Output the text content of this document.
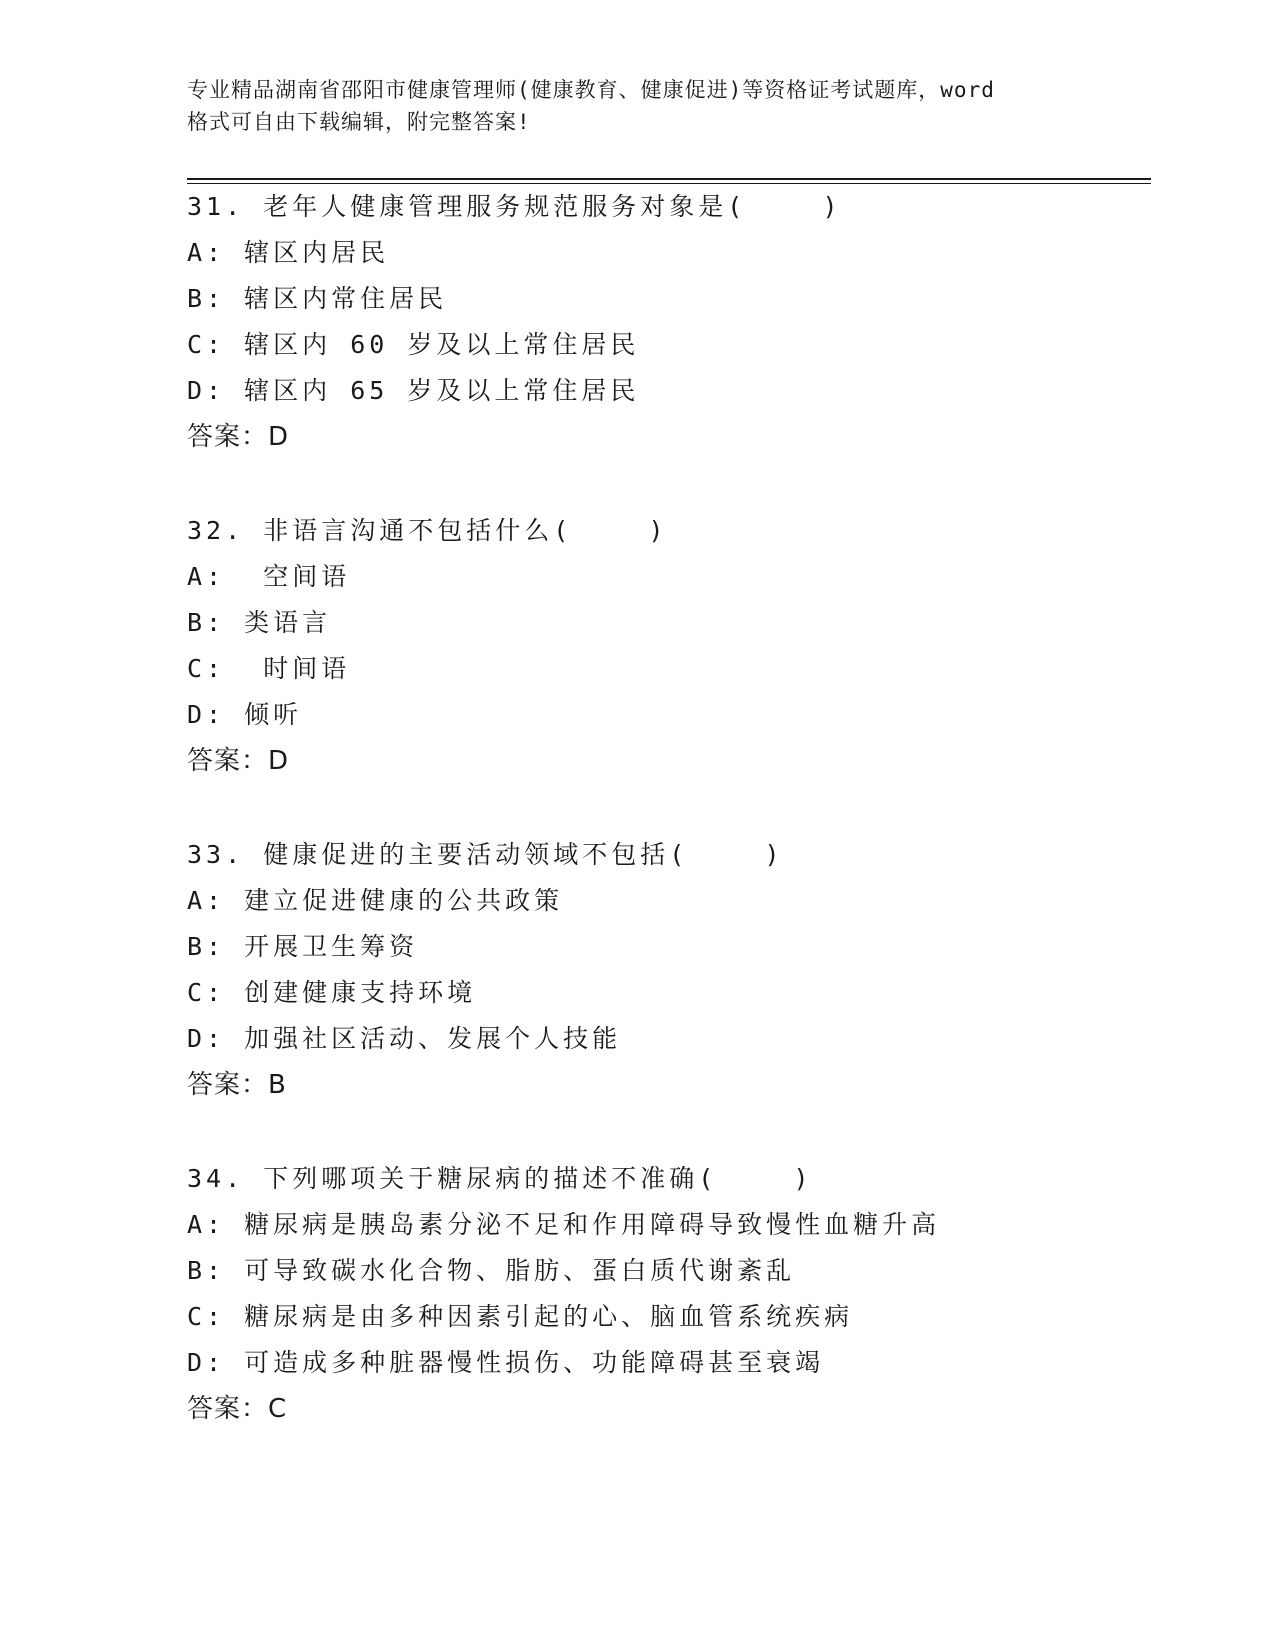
专业精品湖南省邵阳市健康管理师(健康教育、健康促进)等资格证考试题库，word
格式可自由下载编辑，附完整答案!
31. 老年人健康管理服务规范服务对象是(    )
A: 辖区内居民
B: 辖区内常住居民
C: 辖区内 60 岁及以上常住居民
D: 辖区内 65 岁及以上常住居民
答案：D
32. 非语言沟通不包括什么(    )
A:  空间语
B: 类语言
C:  时间语
D: 倾听
答案：D
33. 健康促进的主要活动领域不包括(    )
A: 建立促进健康的公共政策
B: 开展卫生筹资
C: 创建健康支持环境
D: 加强社区活动、发展个人技能
答案：B
34. 下列哪项关于糖尿病的描述不准确(    )
A: 糖尿病是胰岛素分泌不足和作用障碍导致慢性血糖升高
B: 可导致碳水化合物、脂肪、蛋白质代谢紊乱
C: 糖尿病是由多种因素引起的心、脑血管系统疾病
D: 可造成多种脏器慢性损伤、功能障碍甚至衰竭
答案：C
